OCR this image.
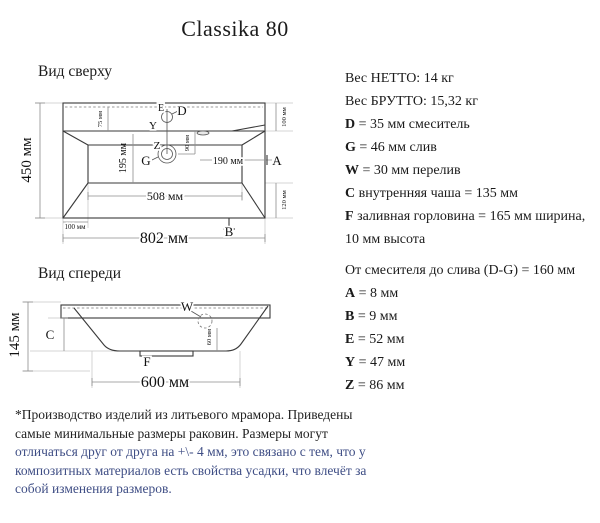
Classika 80
Вид сверху
450 мм
75 мм
195 мм	90 мм
100 мм
120 мм
190 мм
508 мм
100 мм
802 мм
E D
Y
Z
G	A
B
Вид спереди
145 мм	60 мм
600 мм
W
C
F
Вес НЕТТО: 14 кг
Вес БРУТТО: 15,32 кг
D = 35 мм смеситель
G = 46 мм слив
W = 30 мм перелив
C внутренняя чаша = 135 мм
F заливная горловина = 165 мм ширина,
10 мм высота
От смесителя до слива (D-G) = 160 мм
A = 8 мм
B = 9 мм
E = 52 мм
Y = 47 мм
Z = 86 мм
*Производство изделий из литьевого мрамора. Приведены
самые минимальные размеры раковин. Размеры могут
отличаться друг от друга на +\- 4 мм, это связано с тем, что у
композитных материалов есть свойства усадки, что влечёт за
собой изменения размеров.
